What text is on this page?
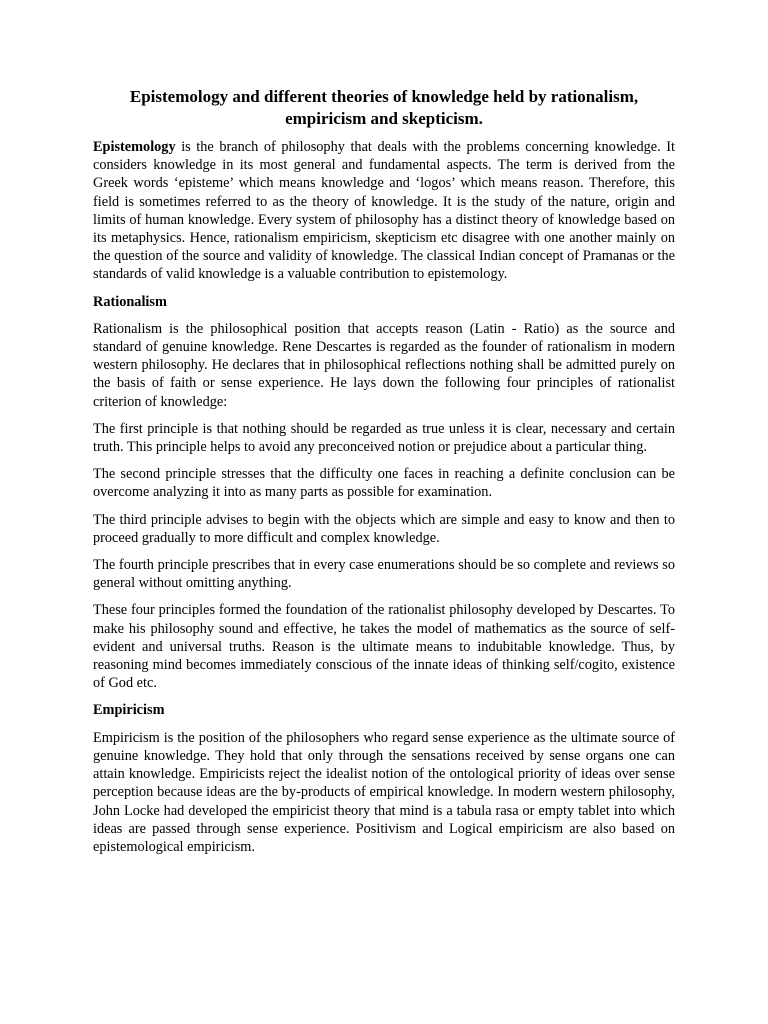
Epistemology and different theories of knowledge held by rationalism, empiricism and skepticism.

Epistemology is the branch of philosophy that deals with the problems concerning knowledge. It considers knowledge in its most general and fundamental aspects. The term is derived from the Greek words ‘episteme’ which means knowledge and ‘logos’ which means reason. Therefore, this field is sometimes referred to as the theory of knowledge. It is the study of the nature, origin and limits of human knowledge. Every system of philosophy has a distinct theory of knowledge based on its metaphysics. Hence, rationalism empiricism, skepticism etc disagree with one another mainly on the question of the source and validity of knowledge. The classical Indian concept of Pramanas or the standards of valid knowledge is a valuable contribution to epistemology.

Rationalism

Rationalism is the philosophical position that accepts reason (Latin - Ratio) as the source and standard of genuine knowledge. Rene Descartes is regarded as the founder of rationalism in modern western philosophy. He declares that in philosophical reflections nothing shall be admitted purely on the basis of faith or sense experience. He lays down the following four principles of rationalist criterion of knowledge:

The first principle is that nothing should be regarded as true unless it is clear, necessary and certain truth. This principle helps to avoid any preconceived notion or prejudice about a particular thing.

The second principle stresses that the difficulty one faces in reaching a definite conclusion can be overcome analyzing it into as many parts as possible for examination.

The third principle advises to begin with the objects which are simple and easy to know and then to proceed gradually to more difficult and complex knowledge.

The fourth principle prescribes that in every case enumerations should be so complete and reviews so general without omitting anything.

These four principles formed the foundation of the rationalist philosophy developed by Descartes. To make his philosophy sound and effective, he takes the model of mathematics as the source of self- evident and universal truths. Reason is the ultimate means to indubitable knowledge. Thus, by reasoning mind becomes immediately conscious of the innate ideas of thinking self/cogito, existence of God etc.

Empiricism

Empiricism is the position of the philosophers who regard sense experience as the ultimate source of genuine knowledge. They hold that only through the sensations received by sense organs one can attain knowledge. Empiricists reject the idealist notion of the ontological priority of ideas over sense perception because ideas are the by-products of empirical knowledge. In modern western philosophy, John Locke had developed the empiricist theory that mind is a tabula rasa or empty tablet into which ideas are passed through sense experience. Positivism and Logical empiricism are also based on epistemological empiricism.
